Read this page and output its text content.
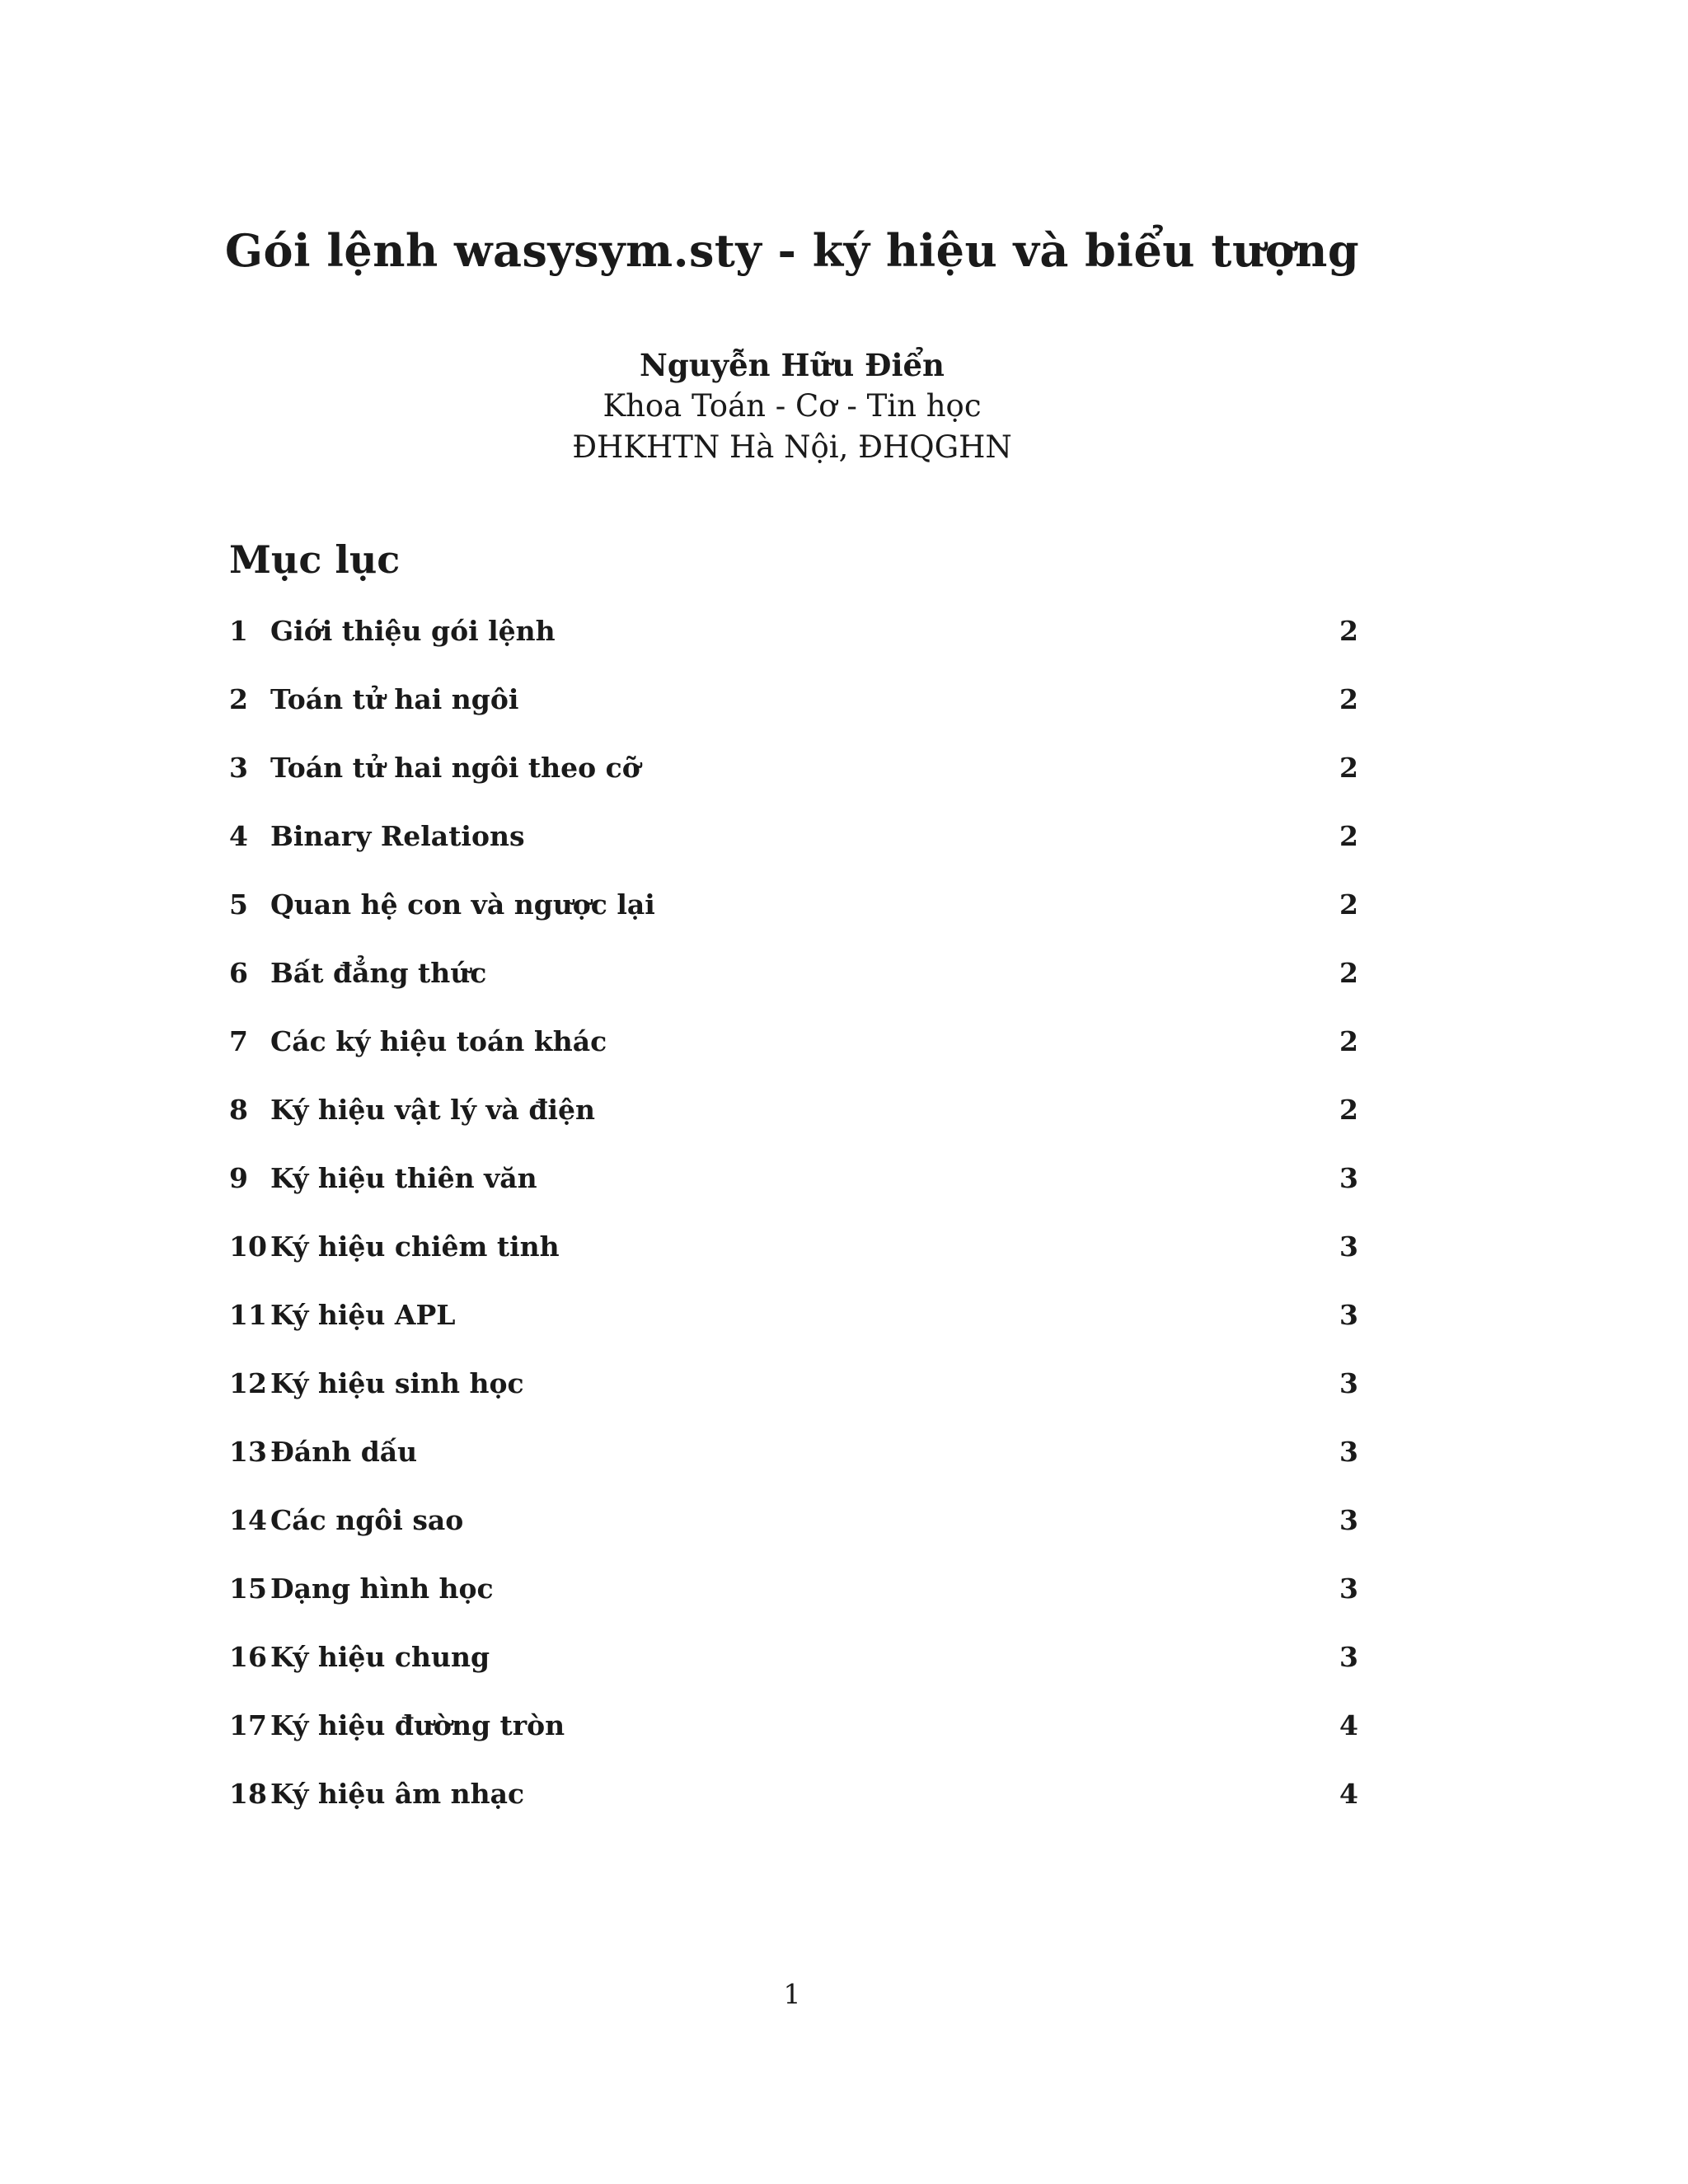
Gói lệnh wasysym.sty - ký hiệu và biểu tượng
Nguyễn Hữu Điển
Khoa Toán - Cơ - Tin học
ĐHKHTN Hà Nội, ĐHQGHN
Mục lục
1 Giới thiệu gói lệnh	2
2 Toán tử hai ngôi	2
3 Toán tử hai ngôi theo cỡ	2
4 Binary Relations	2
5 Quan hệ con và ngược lại	2
6 Bất đẳng thức	2
7 Các ký hiệu toán khác	2
8 Ký hiệu vật lý và điện	2
9 Ký hiệu thiên văn	3
10 Ký hiệu chiêm tinh	3
11 Ký hiệu APL	3
12 Ký hiệu sinh học	3
13 Đánh dấu	3
14 Các ngôi sao	3
15 Dạng hình học	3
16 Ký hiệu chung	3
17 Ký hiệu đường tròn	4
18 Ký hiệu âm nhạc	4
1
